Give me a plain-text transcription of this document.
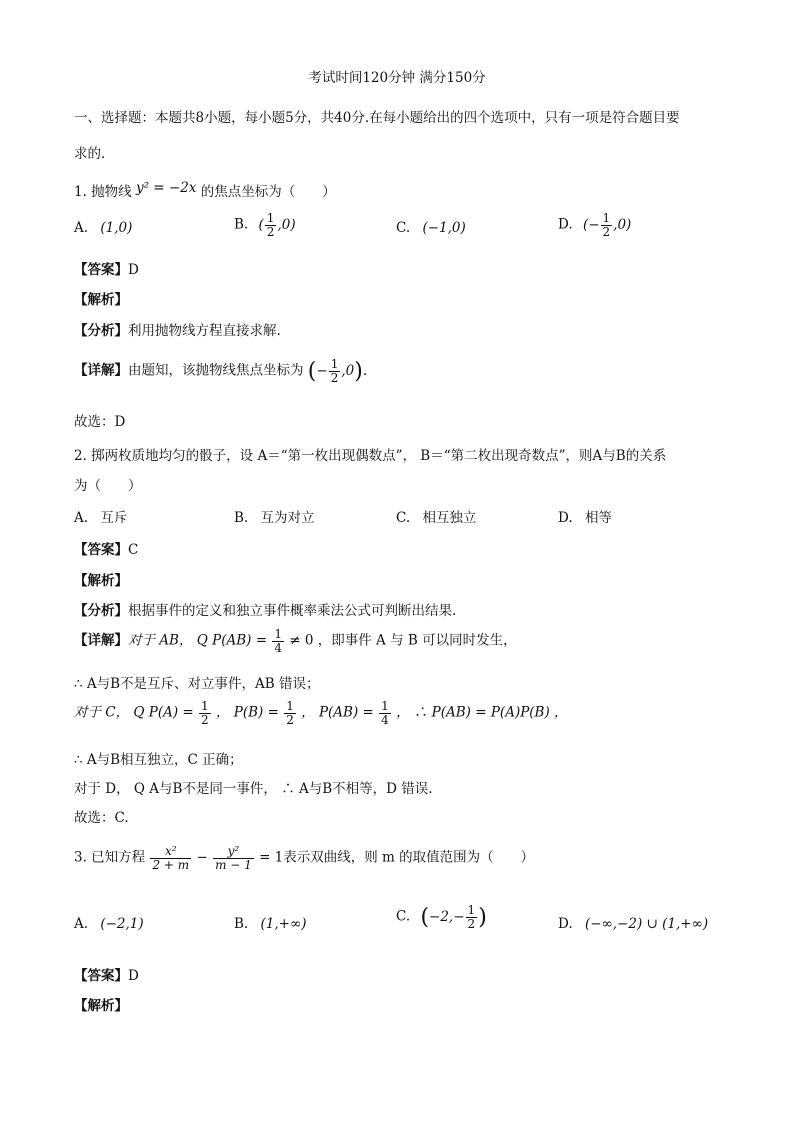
考试时间120分钟 满分150分
一、选择题：本题共8小题，每小题5分，共40分.在每小题给出的四个选项中，只有一项是符合题目要
求的.
1. 抛物线 y² = −2x 的焦点坐标为（　　）
A. (1,0)	B. ( $\frac{1}{2} ,0$)	C. (−1,0)	D. (− $\frac{1}{2} ,0$)
【答案】D
【解析】
【分析】利用抛物线方程直接求解.
【详解】由题知，该抛物线焦点坐标为 (− $\frac{1}{2} ,0$).
故选：D
2. 掷两枚质地均匀的骰子，设 A＝“第一枚出现偶数点”， B＝“第二枚出现奇数点”，则A与B的关系
为（　　）
A. 互斥	B. 互为对立	C. 相互独立	D. 相等
【答案】C
【解析】
【分析】根据事件的定义和独立事件概率乘法公式可判断出结果.
【详解】对于 AB， Q $P(AB) = \frac{1}{4} \ne 0$ ，即事件 A 与 B 可以同时发生，
∴ A与B不是互斥、对立事件，AB 错误；
对于 C， Q $P(A) = \frac{1}{2}$ ， $P(B) = \frac{1}{2}$ ， $P(AB) = \frac{1}{4}$ ， ∴ P(AB) = P(A)P(B) ，
∴ A与B相互独立，C 正确；
对于 D， Q A与B不是同一事件， ∴ A与B不相等，D 错误.
故选：C.
3. 已知方程 $\frac{\text{x²}}{2 + m} - \frac{\text{y²}}{m - 1} = 1$表示双曲线，则 m 的取值范围为（　　）
A. (−2,1)	B. (1,+∞)	C. ($-2,- \frac{1}{2}$ )	D. (−∞,−2) ∪ (1,+∞)
【答案】D
【解析】
